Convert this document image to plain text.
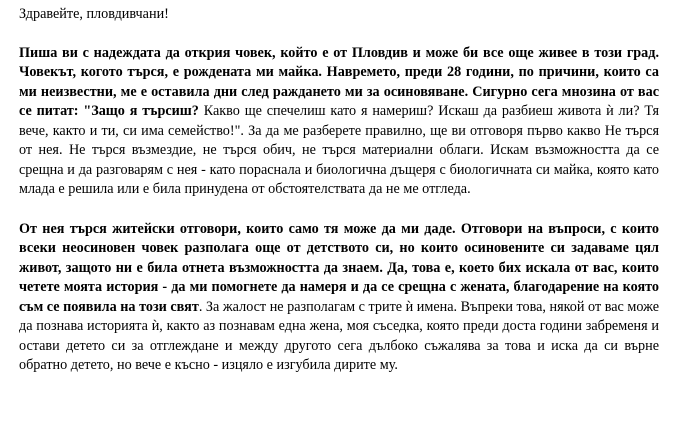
Здравейте, пловдивчани!

Пиша ви с надеждата да открия човек, който е от Пловдив и може би все още живее в този град. Човекът, когото търся, е рождената ми майка. Навремето, преди 28 години, по причини, които са ми неизвестни, ме е оставила дни след раждането ми за осиновяване. Сигурно сега мнозина от вас се питат: "Защо я търсиш? Какво ще спечелиш като я намериш? Искаш да разбиеш живота ѝ ли? Тя вече, както и ти, си има семейство!". За да ме разберете правилно, ще ви отговоря първо какво Не търся от нея. Не търся възмездие, не търся обич, не търся материални облаги. Искам възможността да се срещна и да разговарям с нея - като пораснала и биологична дъщеря с биологичната си майка, която като млада е решила или е била принудена от обстоятелствата да не ме отгледа.

От нея търся житейски отговори, които само тя може да ми даде. Отговори на въпроси, с които всеки неосиновен човек разполага още от детството си, но които осиновените си задаваме цял живот, защото ни е била отнета възможността да знаем. Да, това е, което бих искала от вас, които четете моята история - да ми помогнете да намеря и да се срещна с жената, благодарение на която съм се появила на този свят. За жалост не разполагам с трите ѝ имена. Въпреки това, някой от вас може да познава историята ѝ, както аз познавам една жена, моя съседка, която преди доста години забременя и остави детето си за отглеждане и между другото сега дълбоко съжалява за това и иска да си върне обратно детето, но вече е късно - изцяло е изгубила дирите му.
